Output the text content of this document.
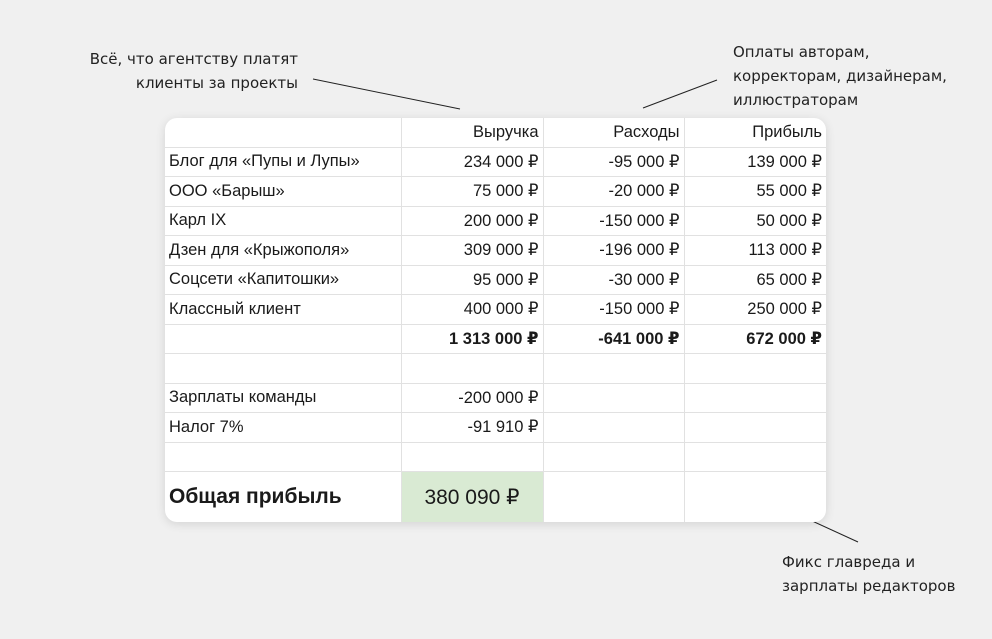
Всё, что агентству платят
клиенты за проекты
Оплаты авторам,
корректорам, дизайнерам,
иллюстраторам
Фикс главреда и
зарплаты редакторов
	Выручка	Расходы	Прибыль
Блог для «Пупы и Лупы»	234 000 ₽	-95 000 ₽	139 000 ₽
ООО «Барыш»	75 000 ₽	-20 000 ₽	55 000 ₽
Карл IX	200 000 ₽	-150 000 ₽	50 000 ₽
Дзен для «Крыжополя»	309 000 ₽	-196 000 ₽	113 000 ₽
Соцсети «Капитошки»	95 000 ₽	-30 000 ₽	65 000 ₽
Классный клиент	400 000 ₽	-150 000 ₽	250 000 ₽
	1 313 000 ₽	-641 000 ₽	672 000 ₽

Зарплаты команды	-200 000 ₽		
Налог 7%	-91 910 ₽		

Общая прибыль	380 090 ₽		
